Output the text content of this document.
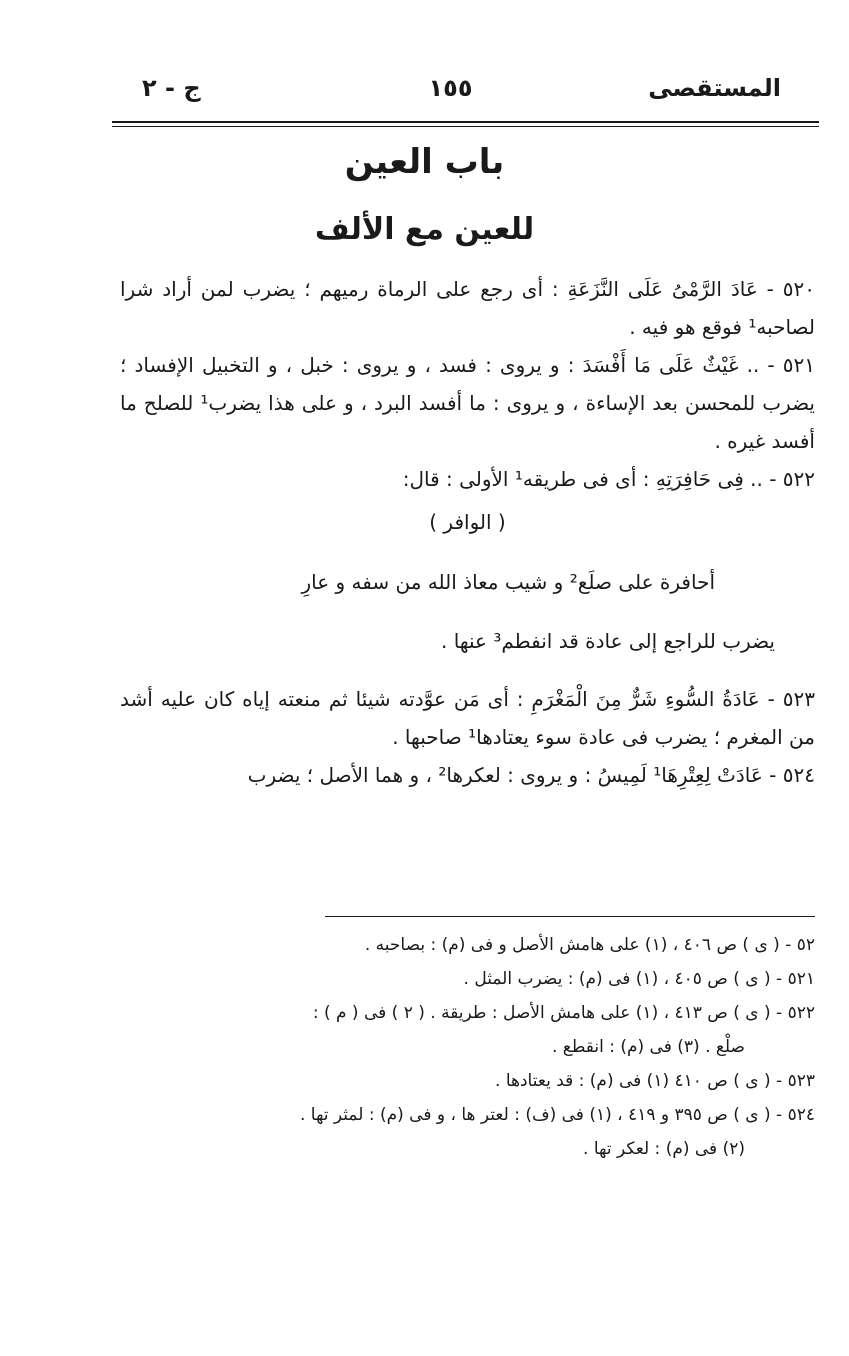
المستقصى
١٥٥
ج - ٢
باب العين
للعين مع الألف

٥٢٠ - عَادَ الرَّمْىُ عَلَى النَّزَعَةِ : أى رجع على الرماة رميهم ؛ يضرب لمن أراد شرا لصاحبه¹ فوقع هو فيه .

٥٢١ - .. غَيْثٌ عَلَى مَا أَفْسَدَ : و يروى : فسد ، و يروى : خبل ، و التخبيل الإفساد ؛ يضرب للمحسن بعد الإساءة ، و يروى : ما أفسد البرد ، و على هذا يضرب¹ للصلح ما أفسد غيره .

٥٢٢ - .. فِى حَافِرَتِهِ : أى فى طريقه¹ الأولى : قال:

( الوافر )

أحافرة على صلَع² و شيب معاذ الله من سفه و عارِ

يضرب للراجع إلى عادة قد انفطم³ عنها .

٥٢٣ - عَادَةُ السُّوءِ شَرٌّ مِنَ الْمَغْرَمِ : أى مَن عوَّدته شيئا ثم منعته إياه كان عليه أشد من المغرم ؛ يضرب فى عادة سوء يعتادها¹ صاحبها .

٥٢٤ - عَادَتْ لِعِتْرِهَا¹ لَمِيسُ : و يروى : لعكرها² ، و هما الأصل ؛ يضرب

٥٢ - ( ى ) ص ٤٠٦ ، (١) على هامش الأصل و فى (م) : بصاحبه .

٥٢١ - ( ى ) ص ٤٠٥ ، (١) فى (م) : يضرب المثل .

٥٢٢ - ( ى ) ص ٤١٣ ، (١) على هامش الأصل : طريقة . ( ٢ ) فى ( م ) :

صلْع . (٣) فى (م) : انقطع .

٥٢٣ - ( ى ) ص ٤١٠ (١) فى (م) : قد يعتادها .

٥٢٤ - ( ى ) ص ٣٩٥ و ٤١٩ ، (١) فى (ف) : لعتر ها ، و فى (م) : لمثر تها .

(٢) فى (م) : لعكر تها .
